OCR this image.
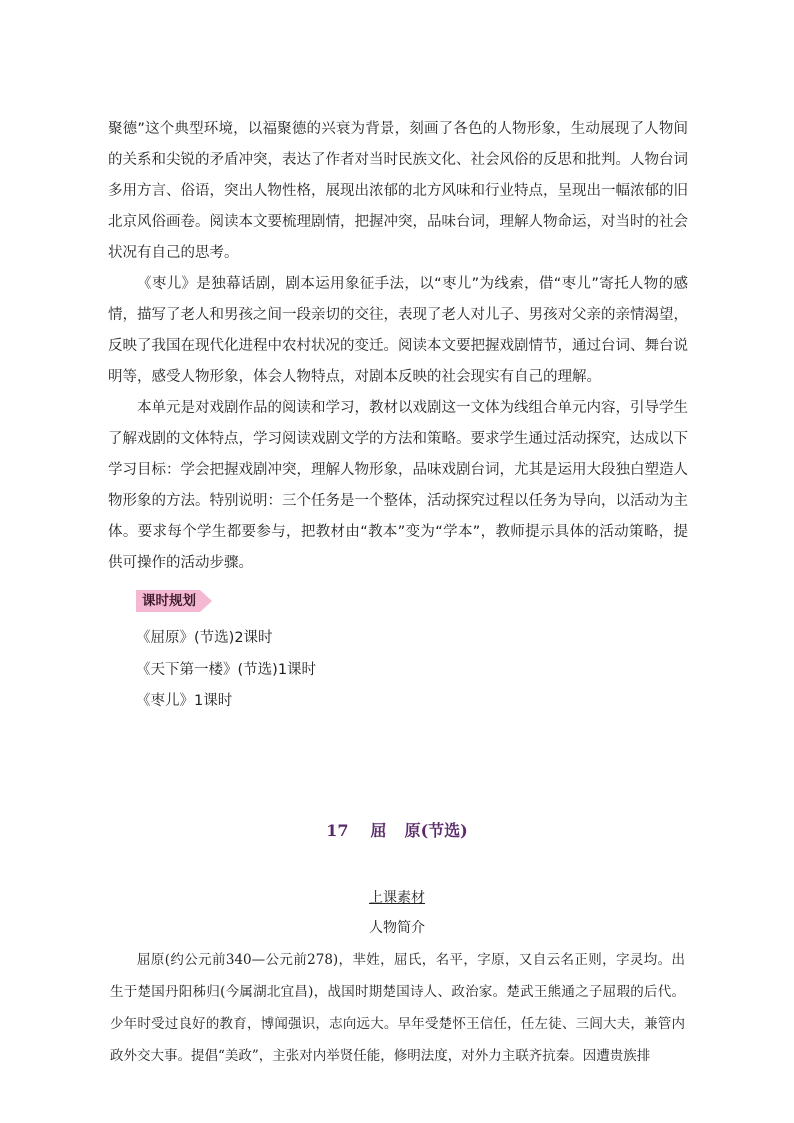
聚德”这个典型环境，以福聚德的兴衰为背景，刻画了各色的人物形象，生动展现了人物间的关系和尖锐的矛盾冲突，表达了作者对当时民族文化、社会风俗的反思和批判。人物台词多用方言、俗语，突出人物性格，展现出浓郁的北方风味和行业特点，呈现出一幅浓郁的旧北京风俗画卷。阅读本文要梳理剧情，把握冲突，品味台词，理解人物命运，对当时的社会状况有自己的思考。

《枣儿》是独幕话剧，剧本运用象征手法，以“枣儿”为线索，借“枣儿”寄托人物的感情，描写了老人和男孩之间一段亲切的交往，表现了老人对儿子、男孩对父亲的亲情渴望，反映了我国在现代化进程中农村状况的变迁。阅读本文要把握戏剧情节，通过台词、舞台说明等，感受人物形象，体会人物特点，对剧本反映的社会现实有自己的理解。

本单元是对戏剧作品的阅读和学习，教材以戏剧这一文体为线组合单元内容，引导学生了解戏剧的文体特点，学习阅读戏剧文学的方法和策略。要求学生通过活动探究，达成以下学习目标：学会把握戏剧冲突，理解人物形象，品味戏剧台词，尤其是运用大段独白塑造人物形象的方法。特别说明：三个任务是一个整体，活动探究过程以任务为导向，以活动为主体。要求每个学生都要参与，把教材由“教本”变为“学本”，教师提示具体的活动策略，提供可操作的活动步骤。

课时规划
《屈原》(节选)2课时
《天下第一楼》(节选)1课时
《枣儿》1课时
17 屈 原(节选)
上课素材
人物简介

屈原(约公元前340—公元前278)，芈姓，屈氏，名平，字原，又自云名正则，字灵均。出生于楚国丹阳秭归(今属湖北宜昌)，战国时期楚国诗人、政治家。楚武王熊通之子屈瑕的后代。少年时受过良好的教育，博闻强识，志向远大。早年受楚怀王信任，任左徒、三闾大夫，兼管内政外交大事。提倡“美政”，主张对内举贤任能，修明法度，对外力主联齐抗秦。因遭贵族排
